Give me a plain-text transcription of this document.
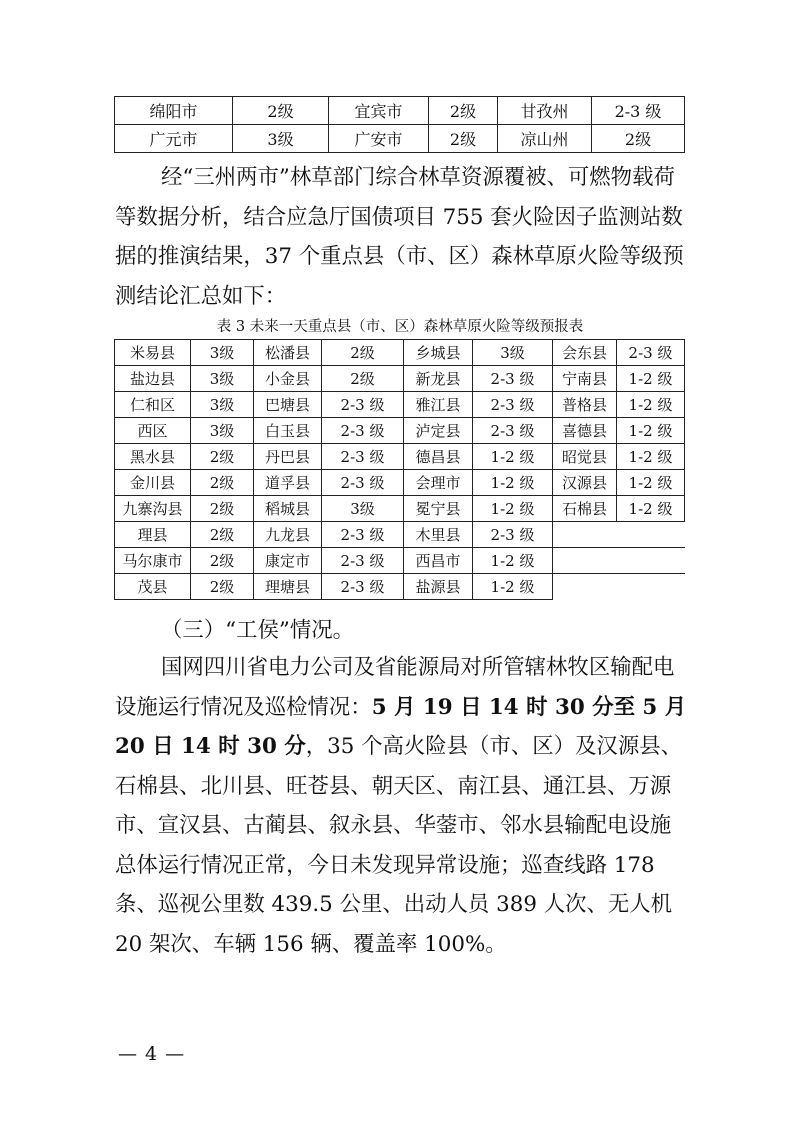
绵阳市	2级	宜宾市	2级	甘孜州	2-3 级
广元市	3级	广安市	2级	凉山州	2级

经“三州两市”林草部门综合林草资源覆被、可燃物载荷等数据分析，结合应急厅国债项目 755 套火险因子监测站数据的推演结果，37 个重点县（市、区）森林草原火险等级预测结论汇总如下：

表 3 未来一天重点县（市、区）森林草原火险等级预报表
米易县	3级	松潘县	2级	乡城县	3级	会东县	2-3 级
盐边县	3级	小金县	2级	新龙县	2-3 级	宁南县	1-2 级
仁和区	3级	巴塘县	2-3 级	雅江县	2-3 级	普格县	1-2 级
西区	3级	白玉县	2-3 级	泸定县	2-3 级	喜德县	1-2 级
黑水县	2级	丹巴县	2-3 级	德昌县	1-2 级	昭觉县	1-2 级
金川县	2级	道孚县	2-3 级	会理市	1-2 级	汉源县	1-2 级
九寨沟县	2级	稻城县	3级	冕宁县	1-2 级	石棉县	1-2 级
理县	2级	九龙县	2-3 级	木里县	2-3 级		
马尔康市	2级	康定市	2-3 级	西昌市	1-2 级		
茂县	2级	理塘县	2-3 级	盐源县	1-2 级		

（三）“工侯”情况。

国网四川省电力公司及省能源局对所管辖林牧区输配电设施运行情况及巡检情况：5 月 19 日 14 时 30 分至 5 月 20 日 14 时 30 分，35 个高火险县（市、区）及汉源县、石棉县、北川县、旺苍县、朝天区、南江县、通江县、万源市、宣汉县、古蔺县、叙永县、华蓥市、邻水县输配电设施总体运行情况正常，今日未发现异常设施；巡查线路 178 条、巡视公里数 439.5 公里、出动人员 389 人次、无人机 20 架次、车辆 156 辆、覆盖率 100%。

— 4 —
